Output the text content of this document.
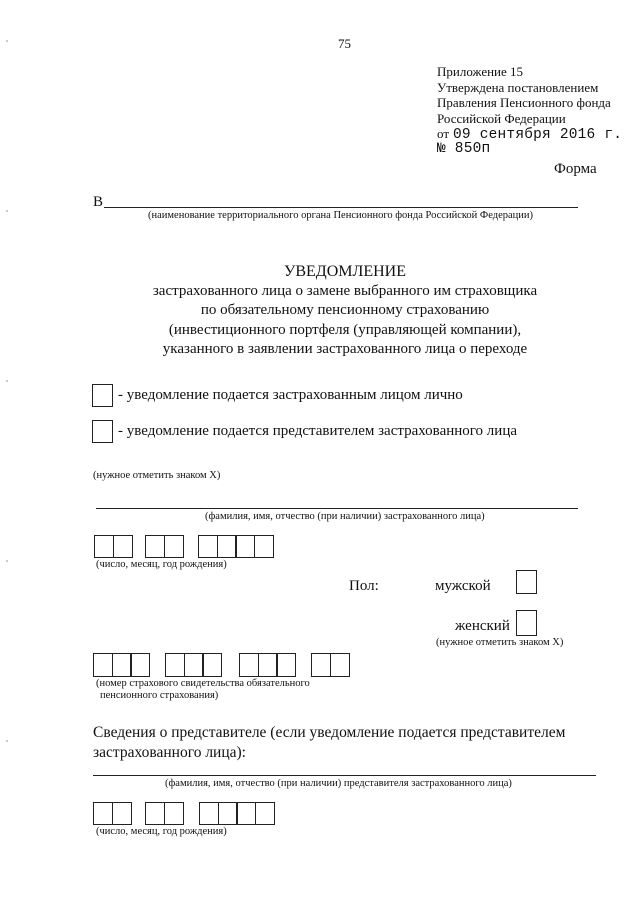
75
Приложение 15
Утверждена постановлением
Правления Пенсионного фонда
Российской Федерации
от 09 сентября 2016 г.
№ 850п
Форма
В
(наименование территориального органа Пенсионного фонда Российской Федерации)
УВЕДОМЛЕНИЕ
застрахованного лица о замене выбранного им страховщика
по обязательному пенсионному страхованию
(инвестиционного портфеля (управляющей компании),
указанного в заявлении застрахованного лица о переходе
- уведомление подается застрахованным лицом лично
- уведомление подается представителем застрахованного лица
(нужное отметить знаком X)
(фамилия, имя, отчество (при наличии) застрахованного лица)
(число, месяц, год рождения)
Пол:	мужской
женский
(нужное отметить знаком X)
(номер страхового свидетельства обязательного
пенсионного страхования)
Сведения о представителе (если уведомление подается представителем
застрахованного лица):
(фамилия, имя, отчество (при наличии) представителя застрахованного лица)
(число, месяц, год рождения)
